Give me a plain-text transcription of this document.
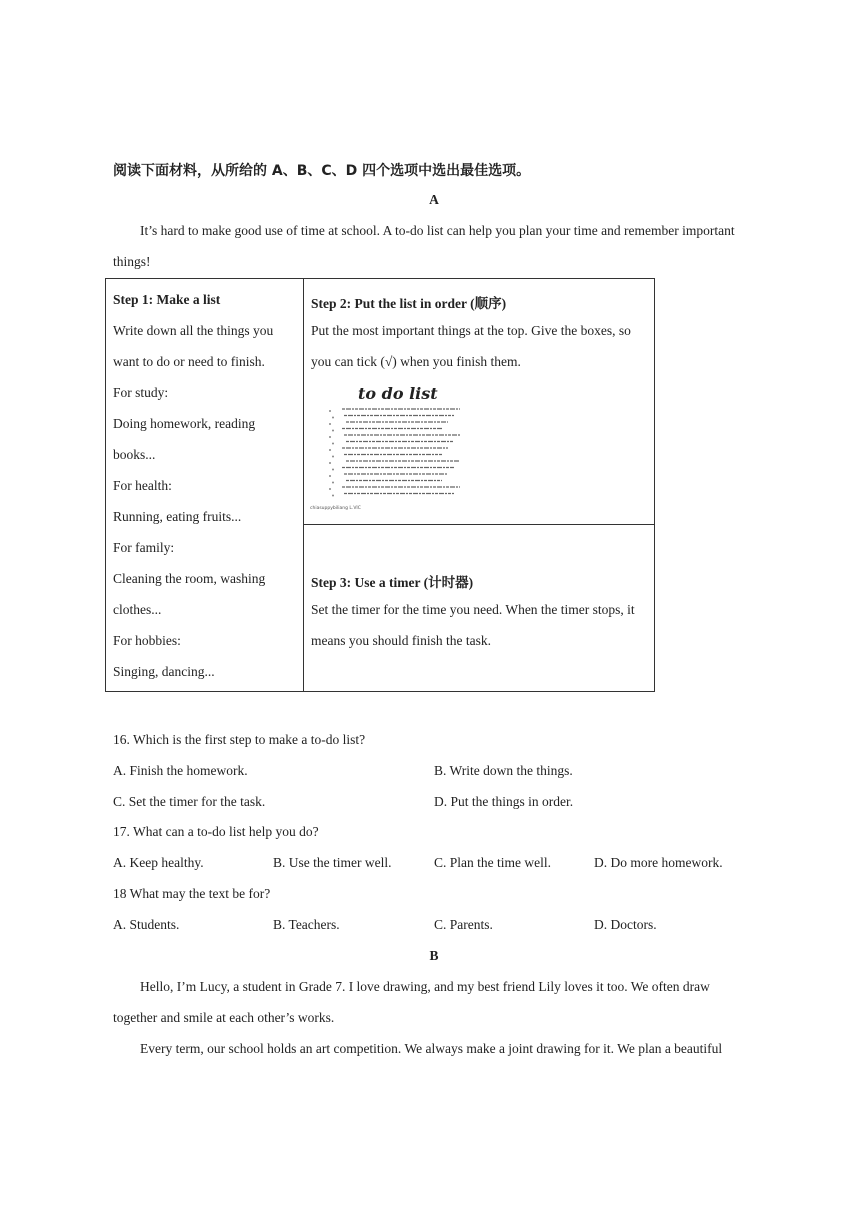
阅读下面材料，从所给的 A、B、C、D 四个选项中选出最佳选项。
A
It’s hard to make good use of time at school. A to-do list can help you plan your time and remember important
things!
Step 1: Make a list
Write down all the things you
want to do or need to finish.
For study:
Doing homework, reading
books...
For health:
Running, eating fruits...
For family:
Cleaning the room, washing
clothes...
For hobbies:
Singing, dancing...

Step 2: Put the list in order (顺序)
Put the most important things at the top. Give the boxes, so
you can tick (√) when you finish them.

Step 3: Use a timer (计时器)
Set the timer for the time you need. When the timer stops, it
means you should finish the task.
to do list
chiasuppybiliang L.VIC
16. Which is the first step to make a to-do list?
A. Finish the homework.	B. Write down the things.
C. Set the timer for the task.	D. Put the things in order.
17. What can a to-do list help you do?
A. Keep healthy.	B. Use the timer well.	C. Plan the time well.	D. Do more homework.
18 What may the text be for?
A. Students.	B. Teachers.	C. Parents.	D. Doctors.
B
Hello, I’m Lucy, a student in Grade 7. I love drawing, and my best friend Lily loves it too. We often draw
together and smile at each other’s works.
Every term, our school holds an art competition. We always make a joint drawing for it. We plan a beautiful
